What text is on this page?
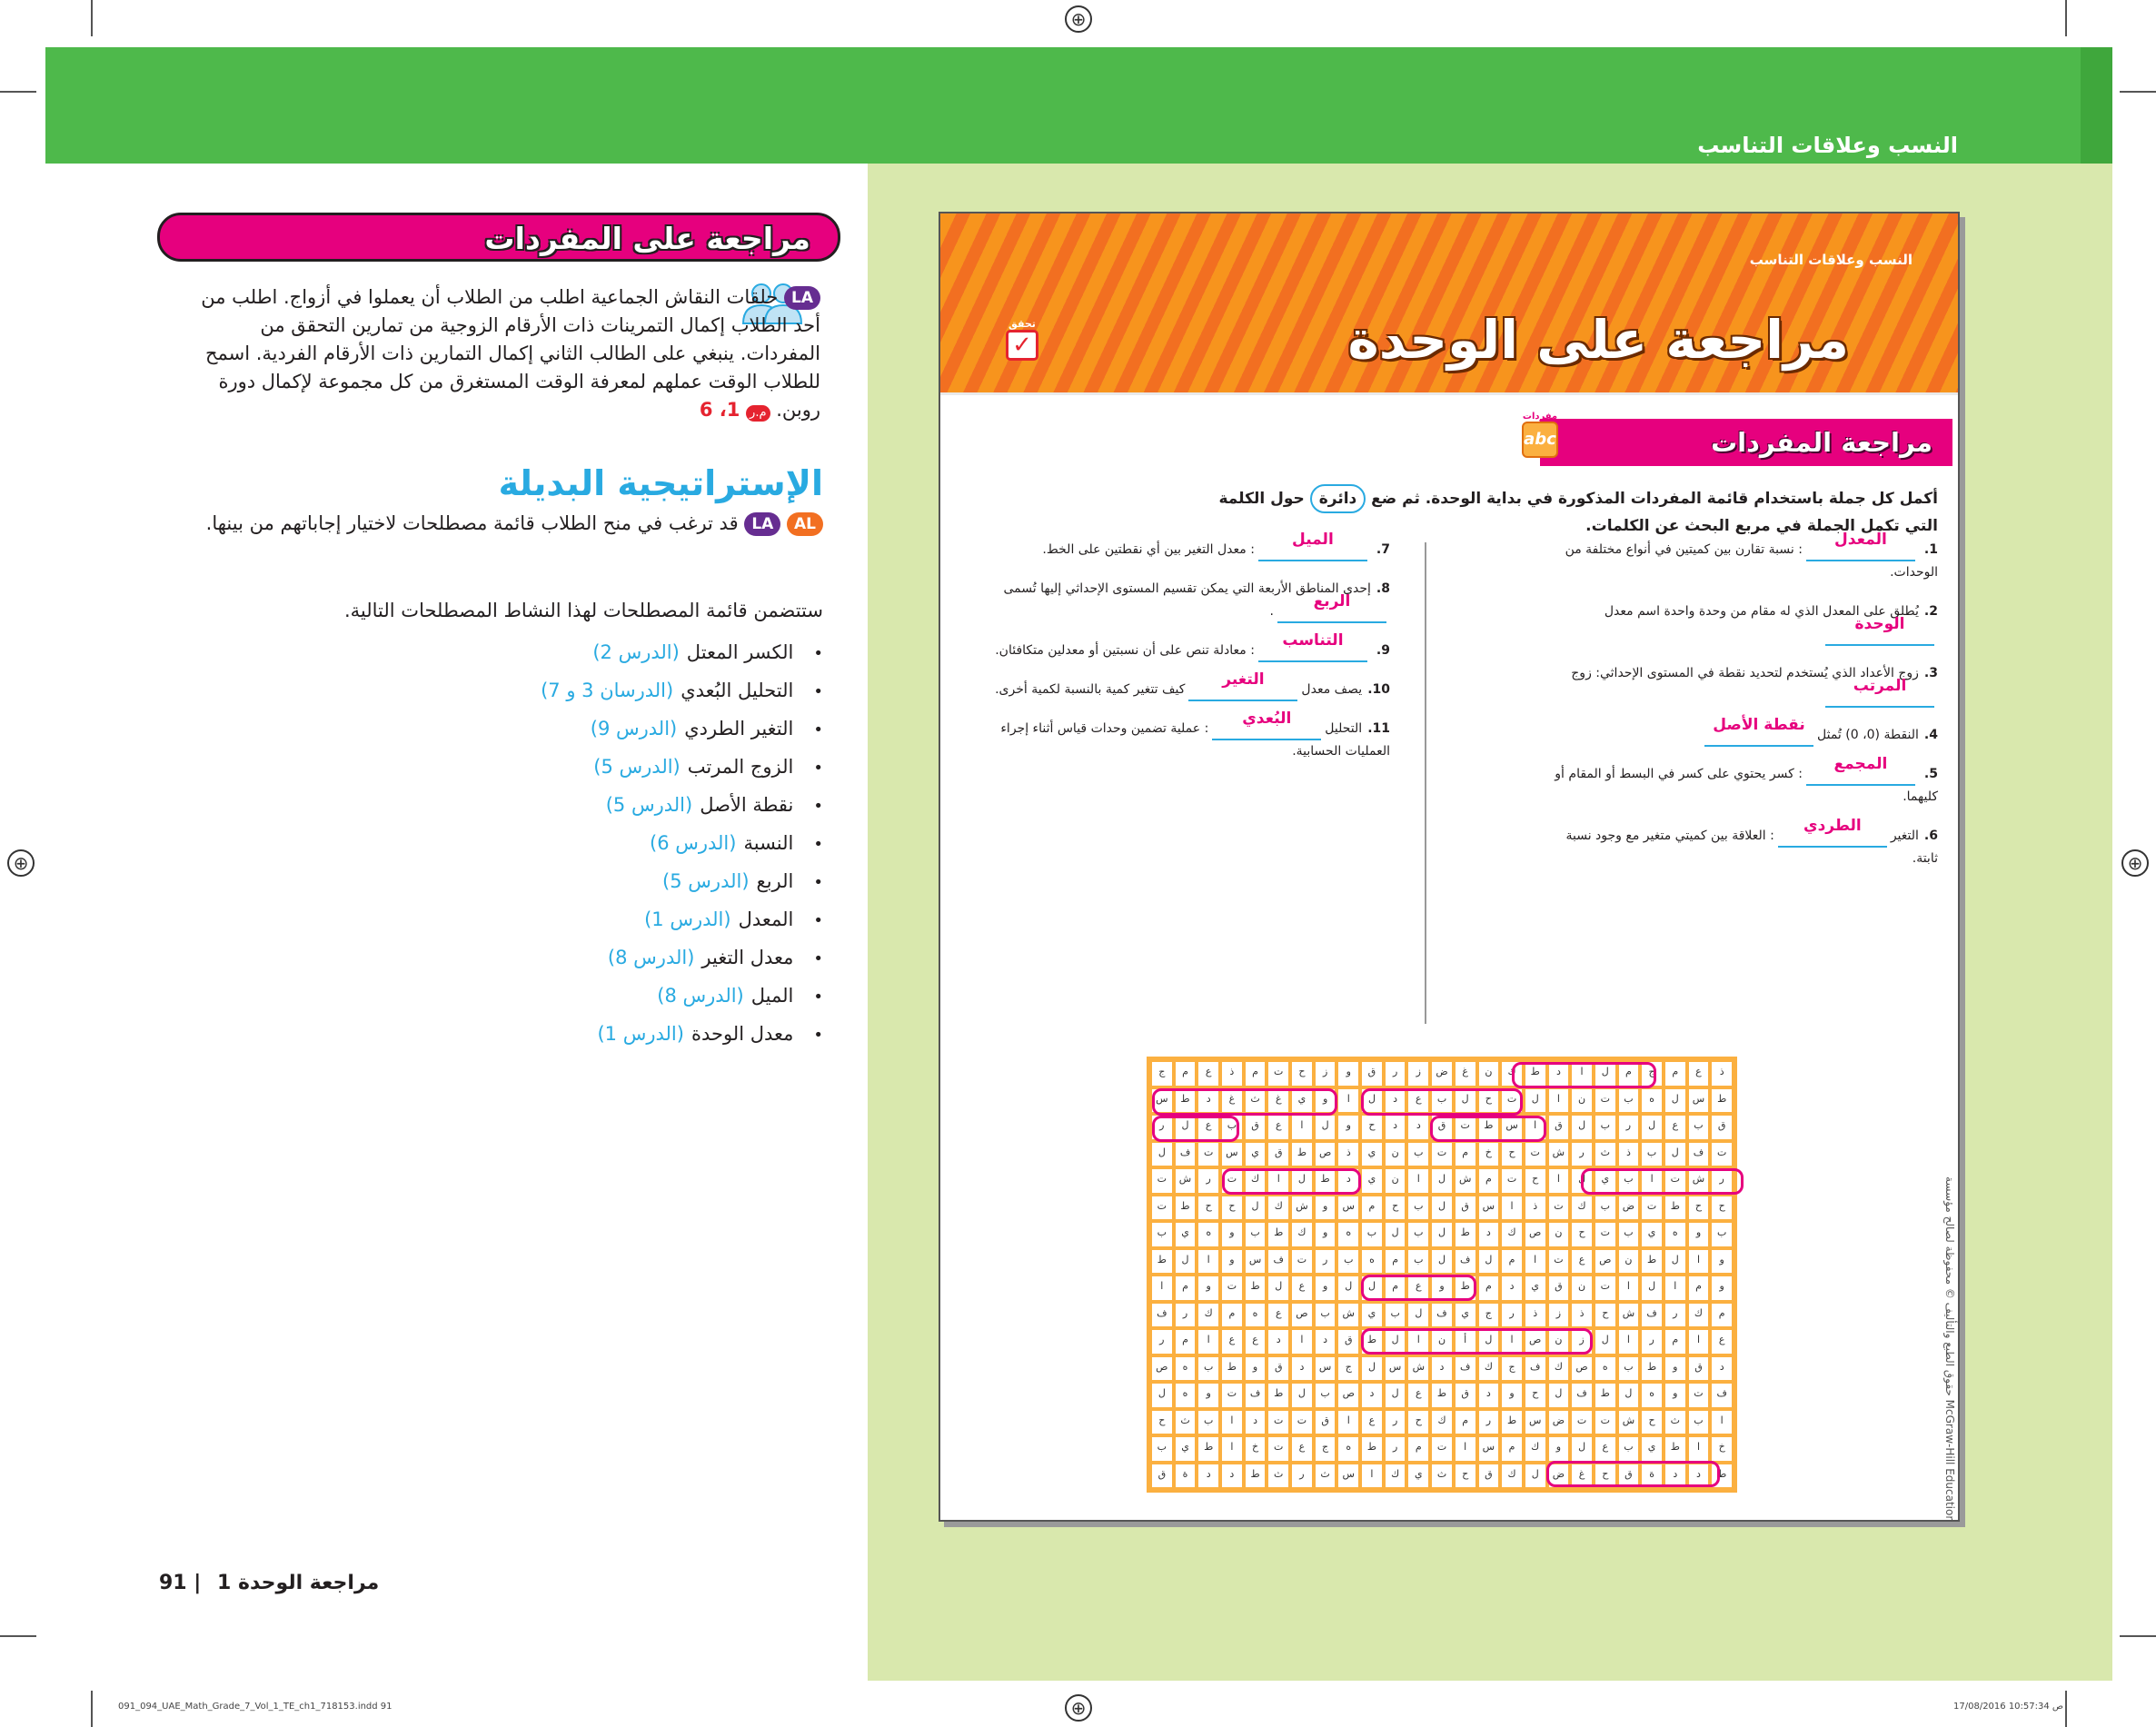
⊕
⊕
⊕	⊕
النسب وعلاقات التناسب
النسب وعلاقات التناسب
مراجعة على الوحدة
تحقق
✓
مراجعة المفردات
مفردات
abc
أكمل كل جملة باستخدام قائمة المفردات المذكورة في بداية الوحدة. ثم ضع دائرة حول الكلمة التي تكمل الجملة في مربع البحث عن الكلمات.
1.
المعدل
: نسبة تقارن بين كميتين في أنواع مختلفة من الوحدات.
2.يُطلق على المعدل الذي له مقام من وحدة واحدة اسم معدل
الوحدة
3.زوج الأعداد الذي يُستخدم لتحديد نقطة في المستوى الإحداثي: زوج
المرتب
4.النقطة (0، 0) تُمثل
نقطة الأصل
5.
المجمع
: كسر يحتوي على كسر في البسط أو المقام أو كليهما.
6.التغير
الطردي
: العلاقة بين كميتي متغير مع وجود نسبة ثابتة.
7.
الميل
: معدل التغير بين أي نقطتين على الخط.
8.إحدى المناطق الأربعة التي يمكن تقسيم المستوى الإحداثي إليها تُسمى
الربع
.
9.
التناسب
: معادلة تنص على أن نسبتين أو معدلين متكافئان.
10.يصف معدل
التغير
كيف تتغير كمية بالنسبة لكمية أخرى.
11.التحليل
البُعدي
: عملية تضمين وحدات قياس أثناء إجراء العمليات الحسابية.
ج	م	ع	ذ	م	ت	ح	ز	و	ق	ر	ز	ض	غ	ن	ك	ط	د	ا	ل	م	ج	م	ع	ذ
س	ط	د	غ	ث	غ	ي	و	ا	ل	د	ع	ب	ل	ح	ت	ل	ا	ن	ت	ب	ه	ل	س	ط
ر	ل	ع	ب	ق	ع	ا	ل	و	ح	د	د	ق	ت	ط	س	ا	ق	ل	ب	ر	ل	ع	ب	ق
ل	ف	ت	س	ي	ق	ط	ص	ذ	ي	ن	ب	ت	م	خ	ح	ت	ش	ر	ث	ذ	ب	ل	ف	ت
ت	ش	ر	ت	ك	ا	ل	ط	د	ي	ن	ا	ل	ش	م	ت	ح	ا	ل	ي	ب	ا	ت	ش	ر
ت	ط	ح	ح	ل	ك	ش	و	س	م	ح	ب	ل	ق	س	ا	ذ	ت	ك	ب	ض	ت	ط	ح	ح
ب	ي	ه	و	ب	ط	ك	و	ه	ب	ل	ب	ل	ط	د	ك	ص	ن	ح	ت	ب	ي	ه	و	ب
ط	ل	ا	و	س	ف	ت	ر	ب	ه	م	ب	ل	ف	ل	م	ا	ت	ع	ص	ن	ط	ل	ا	و
ا	م	و	ت	ط	ل	ع	و	ل	ل	م	ع	و	ط	م	د	ي	ق	ن	ت	ا	ل	ا	م	و
ف	ر	ك	م	ه	ع	ص	ب	ش	ي	ب	ل	ف	ي	ج	ر	ذ	ز	ذ	ح	ش	ف	ر	ك	م
ر	م	ا	ع	ع	د	ا	د	ق	ط	ل	ا	ن	أ	ل	ا	ص	ن	ز	ل	ا	ر	م	ا	ع
ص	ه	ب	ط	و	ق	د	س	ج	ل	س	ش	د	ف	ك	ج	ف	ك	ص	ه	ب	ط	و	ق	د
ل	ه	و	ت	ف	ط	ل	ب	ص	د	ل	ع	ط	ق	د	و	ح	ل	ف	ط	ل	ه	و	ت	ف
ح	ث	ب	ا	د	ت	ت	ق	ا	ع	ر	ح	ك	م	ر	ط	س	ض	ت	ت	ش	ح	ث	ب	ا
ب	ي	ط	ا	خ	ت	ع	ج	ه	ط	ر	م	ت	ا	س	م	ك	و	ل	ع	ب	ي	ط	ا	خ
ق	ة	د	د	ط	ث	ر	ث	س	ا	ك	ي	ث	ح	ق	ك	ل	ض	غ	ح	ق	ة	د	د	ط
حقوق الطبع والتأليف © محفوظة لصالح مؤسسة McGraw-Hill Education
مراجعة على المفردات
LA حلقات النقاش الجماعية اطلب من الطلاب أن يعملوا في أزواج. اطلب من أحد الطلاب إكمال التمرينات ذات الأرقام الزوجية من تمارين التحقق من المفردات. ينبغي على الطالب الثاني إكمال التمارين ذات الأرقام الفردية. اسمح للطلاب الوقت عملهم لمعرفة الوقت المستغرق من كل مجموعة لإكمال دورة روبن. م.ر 1، 6
الإستراتيجية البديلة
AL LA قد ترغب في منح الطلاب قائمة مصطلحات لاختيار إجاباتهم من بينها.
ستتضمن قائمة المصطلحات لهذا النشاط المصطلحات التالية.
• الكسر المعتل(الدرس 2)
• التحليل البُعدي(الدرسان 3 و 7)
• التغير الطردي(الدرس 9)
• الزوج المرتب(الدرس 5)
• نقطة الأصل(الدرس 5)
• النسبة(الدرس 6)
• الربع(الدرس 5)
• المعدل(الدرس 1)
• معدل التغير(الدرس 8)
• الميل(الدرس 8)
• معدل الوحدة(الدرس 1)
مراجعة الوحدة 1 | 91
091_094_UAE_Math_Grade_7_Vol_1_TE_ch1_718153.indd 91	17/08/2016 10:57:34 ص
